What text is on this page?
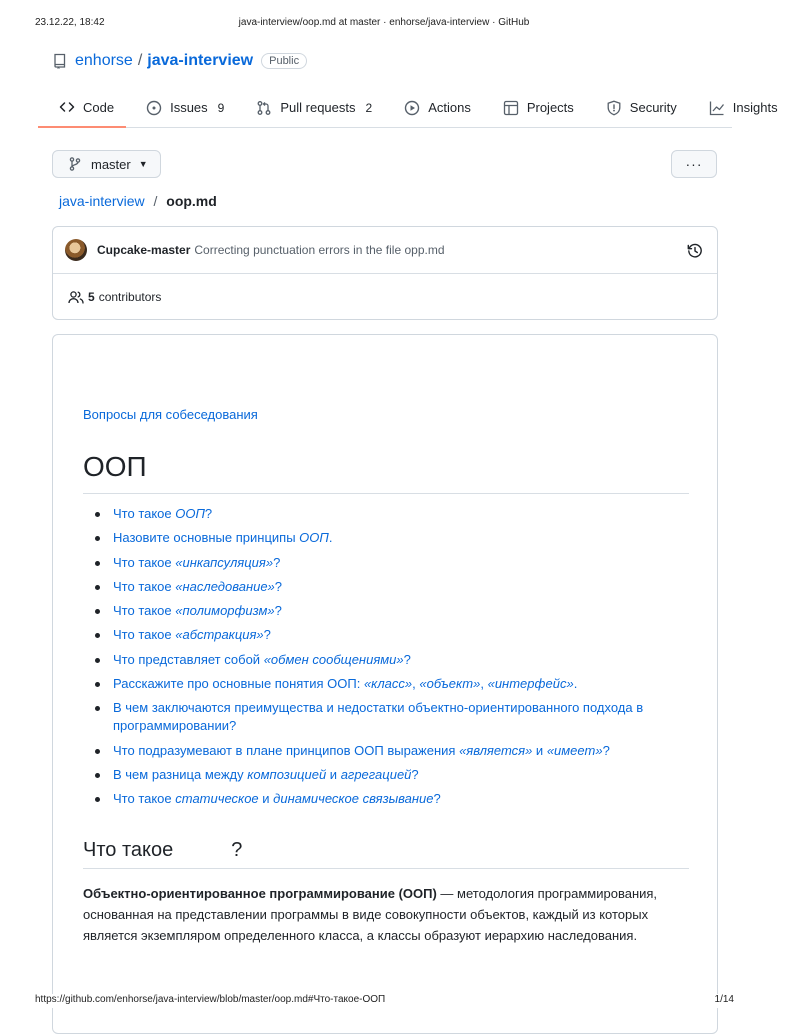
23.12.22, 18:42	java-interview/oop.md at master · enhorse/java-interview · GitHub
enhorse / java-interview	Public
Code	Issues 9	Pull requests 2	Actions	Projects	Security	Insights
master ▼	···
java-interview / oop.md
Cupcake-master Correcting punctuation errors in the file opp.md
5 contributors
Вопросы для собеседования
ООП
Что такое ООП?
Назовите основные принципы ООП.
Что такое «инкапсуляция»?
Что такое «наследование»?
Что такое «полиморфизм»?
Что такое «абстракция»?
Что представляет собой «обмен сообщениями»?
Расскажите про основные понятия ООП: «класс», «объект», «интерфейс».
В чем заключаются преимущества и недостатки объектно-ориентированного подхода в программировании?
Что подразумевают в плане принципов ООП выражения «является» и «имеет»?
В чем разница между композицией и агрегацией?
Что такое статическое и динамическое связывание?
Что такое	?

Объектно-ориентированное программирование (ООП) — методология программирования, основанная на представлении программы в виде совокупности объектов, каждый из которых является экземпляром определенного класса, а классы образуют иерархию наследования.

https://github.com/enhorse/java-interview/blob/master/oop.md#Что-такое-ООП	1/14
